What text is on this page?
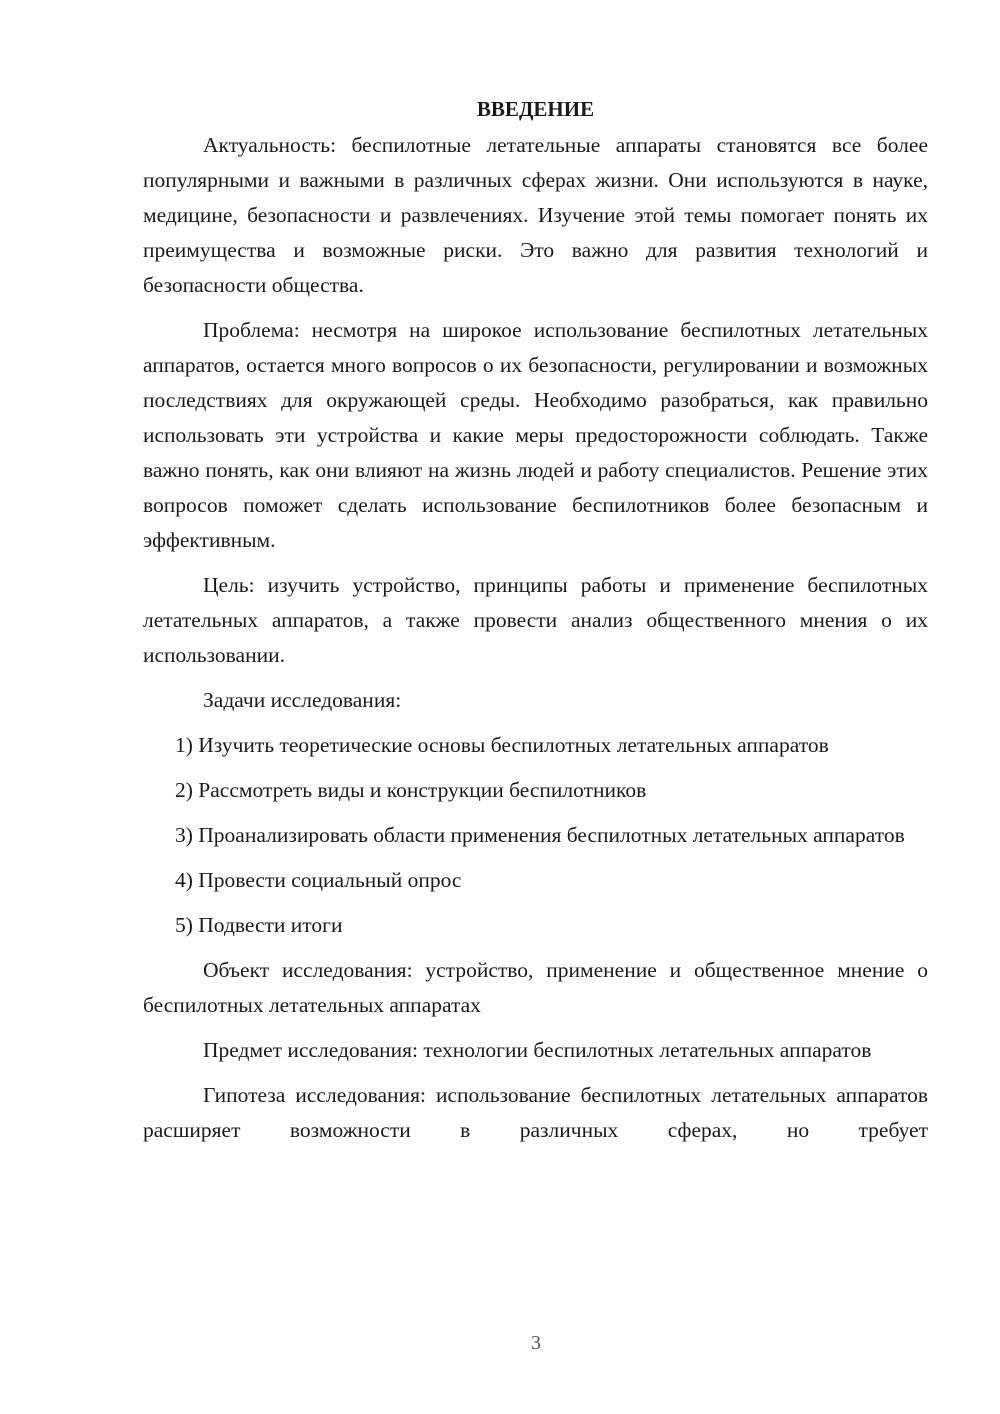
ВВЕДЕНИЕ

Актуальность: беспилотные летательные аппараты становятся все более популярными и важными в различных сферах жизни. Они используются в науке, медицине, безопасности и развлечениях. Изучение этой темы помогает понять их преимущества и возможные риски. Это важно для развития технологий и безопасности общества.

Проблема: несмотря на широкое использование беспилотных летательных аппаратов, остается много вопросов о их безопасности, регулировании и возможных последствиях для окружающей среды. Необходимо разобраться, как правильно использовать эти устройства и какие меры предосторожности соблюдать. Также важно понять, как они влияют на жизнь людей и работу специалистов. Решение этих вопросов поможет сделать использование беспилотников более безопасным и эффективным.

Цель: изучить устройство, принципы работы и применение беспилотных летательных аппаратов, а также провести анализ общественного мнения о их использовании.

Задачи исследования:

1) Изучить теоретические основы беспилотных летательных аппаратов

2) Рассмотреть виды и конструкции беспилотников

3) Проанализировать области применения беспилотных летательных аппаратов

4) Провести социальный опрос

5) Подвести итоги

Объект исследования: устройство, применение и общественное мнение о беспилотных летательных аппаратах

Предмет исследования: технологии беспилотных летательных аппаратов

Гипотеза исследования: использование беспилотных летательных аппаратов расширяет возможности в различных сферах, но требует

3
